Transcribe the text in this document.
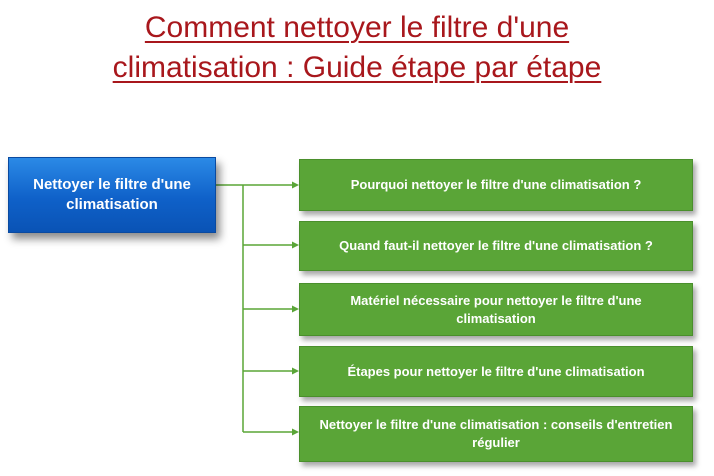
Comment nettoyer le filtre d'une
climatisation : Guide étape par étape
Nettoyer le filtre d'une climatisation
Pourquoi nettoyer le filtre d'une climatisation ?
Quand faut-il nettoyer le filtre d'une climatisation ?
Matériel nécessaire pour nettoyer le filtre d'une climatisation
Étapes pour nettoyer le filtre d'une climatisation
Nettoyer le filtre d'une climatisation : conseils d'entretien régulier
